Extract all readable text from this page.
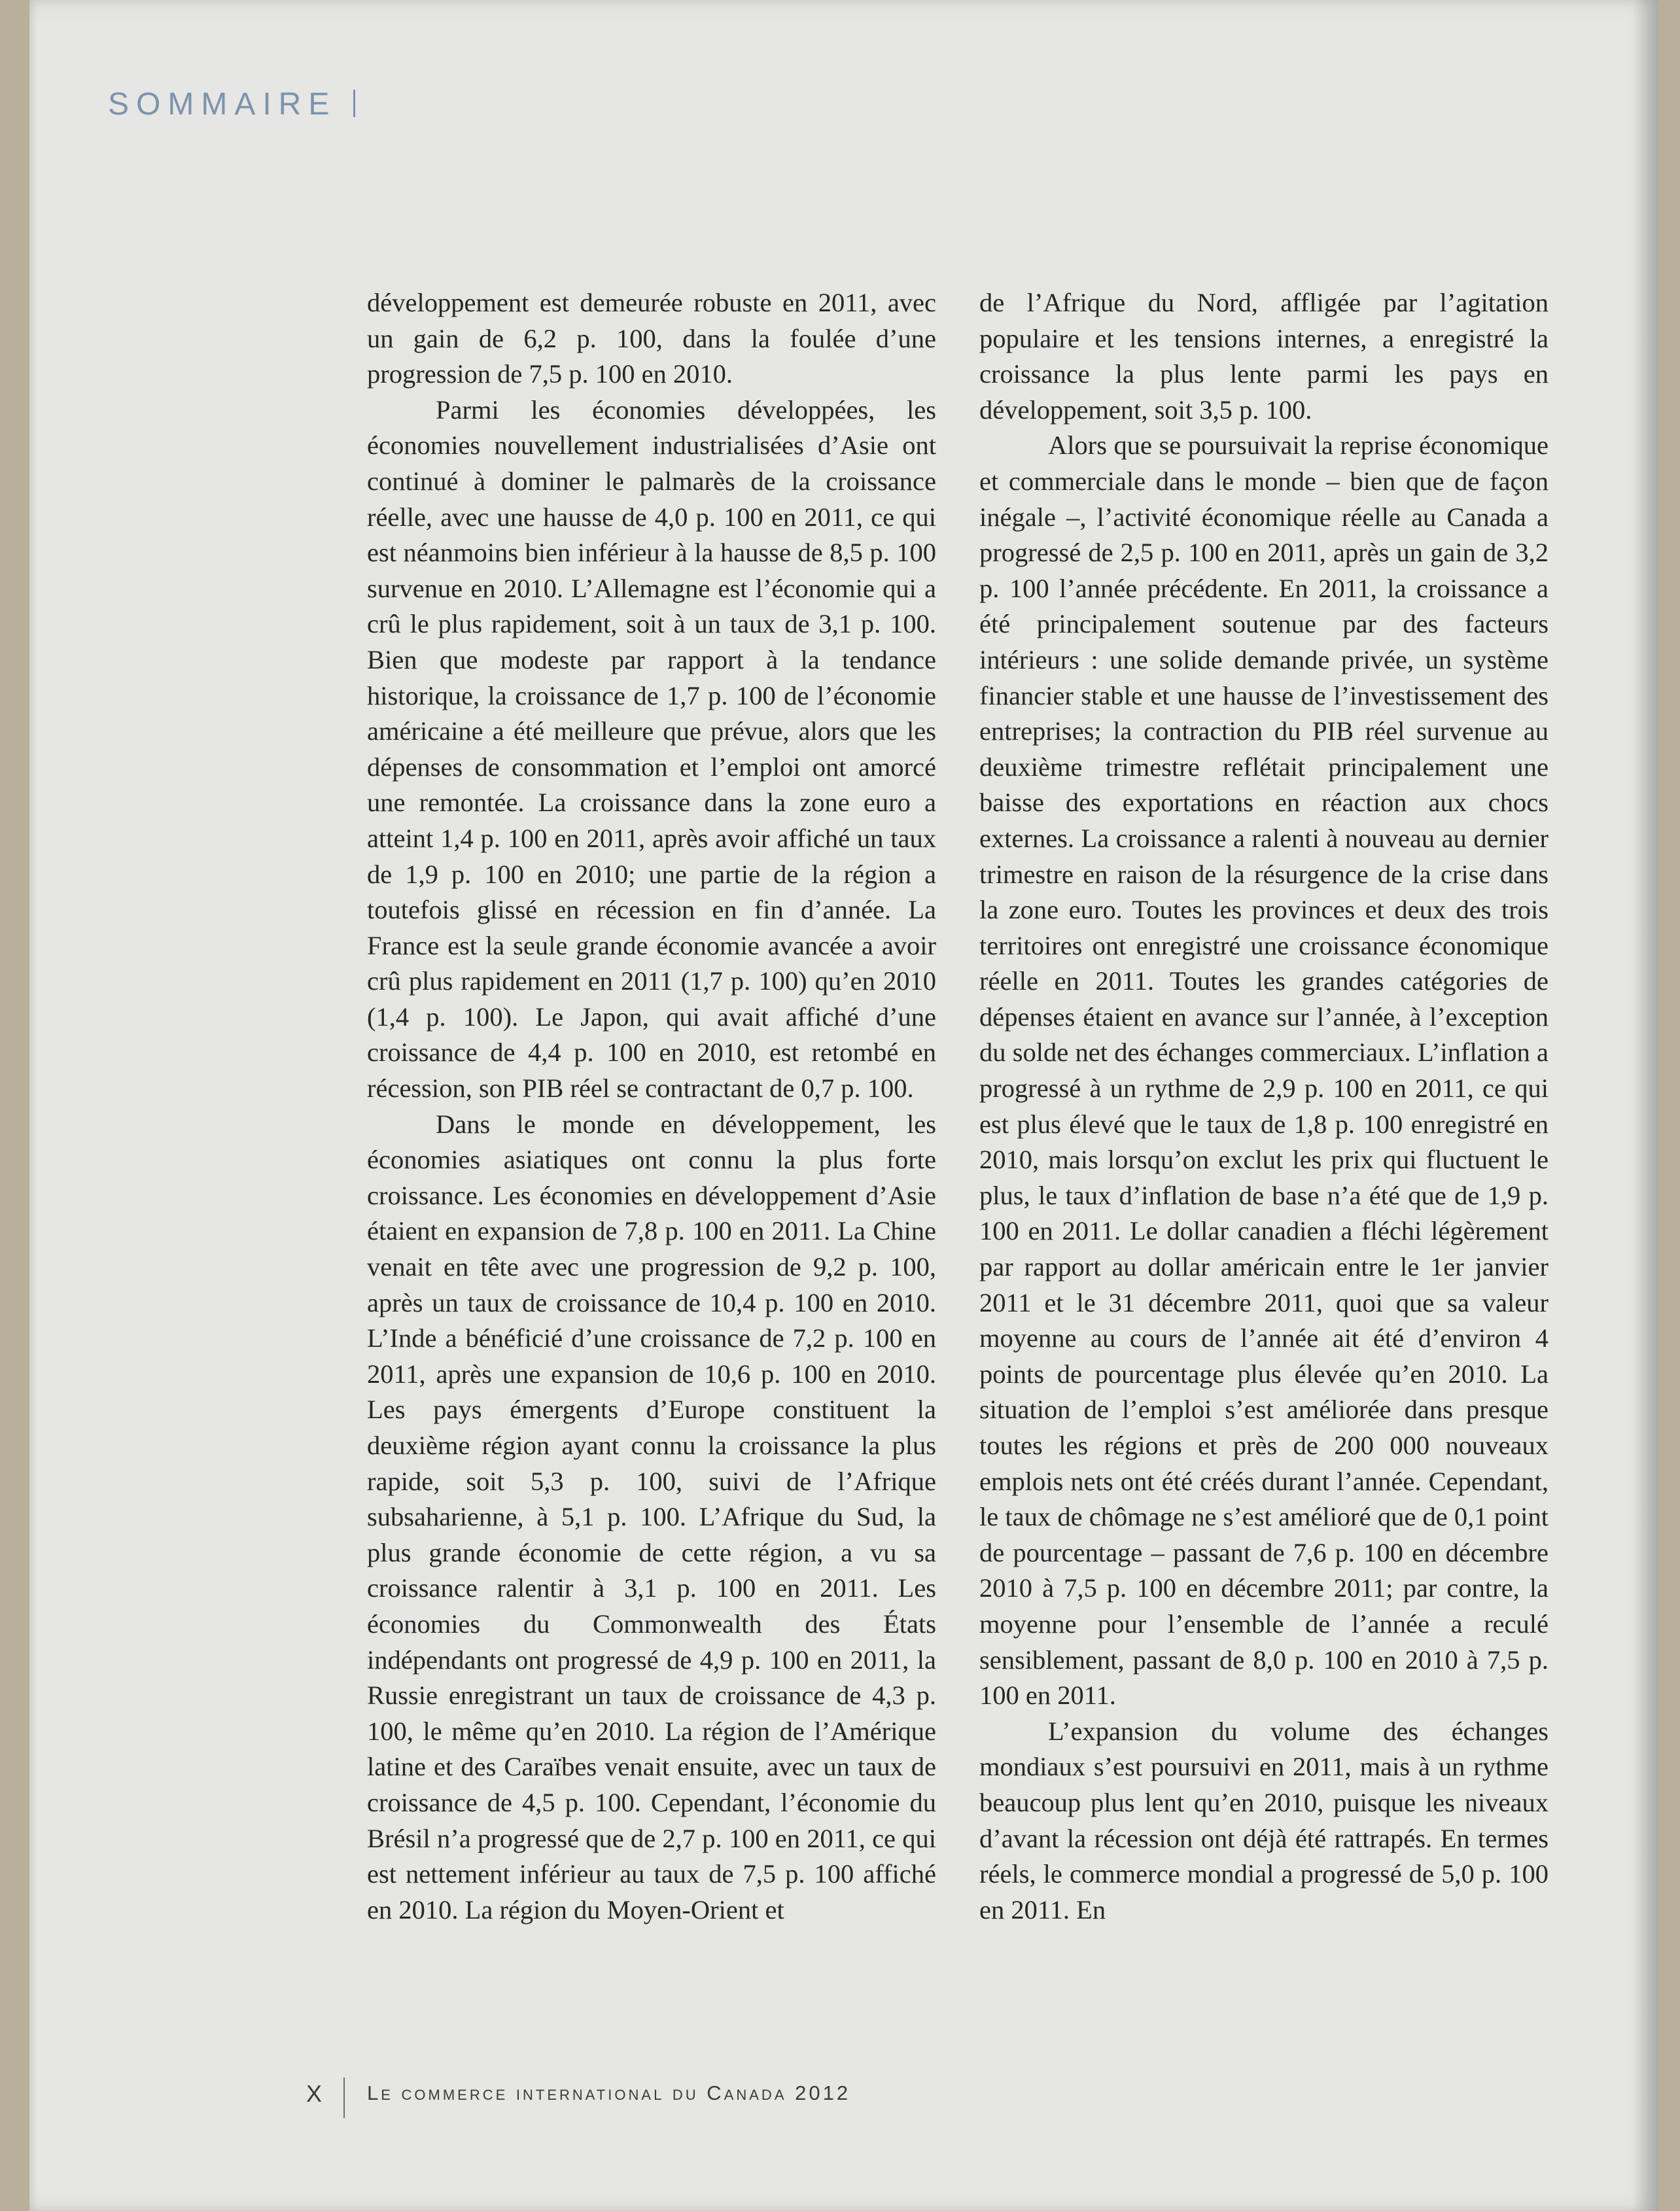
SOMMAIRE

développement est demeurée robuste en 2011, avec un gain de 6,2 p. 100, dans la foulée d’une progression de 7,5 p. 100 en 2010.

Parmi les économies développées, les économies nouvellement industrialisées d’Asie ont continué à dominer le palmarès de la croissance réelle, avec une hausse de 4,0 p. 100 en 2011, ce qui est néanmoins bien inférieur à la hausse de 8,5 p. 100 survenue en 2010. L’Allemagne est l’économie qui a crû le plus rapidement, soit à un taux de 3,1 p. 100. Bien que modeste par rapport à la tendance historique, la croissance de 1,7 p. 100 de l’économie américaine a été meilleure que prévue, alors que les dépenses de consommation et l’emploi ont amorcé une remontée. La croissance dans la zone euro a atteint 1,4 p. 100 en 2011, après avoir affiché un taux de 1,9 p. 100 en 2010; une partie de la région a toutefois glissé en récession en fin d’année. La France est la seule grande économie avancée a avoir crû plus rapidement en 2011 (1,7 p. 100) qu’en 2010 (1,4 p. 100). Le Japon, qui avait affiché d’une croissance de 4,4 p. 100 en 2010, est retombé en récession, son PIB réel se contractant de 0,7 p. 100.

Dans le monde en développement, les économies asiatiques ont connu la plus forte croissance. Les économies en développement d’Asie étaient en expansion de 7,8 p. 100 en 2011. La Chine venait en tête avec une progression de 9,2 p. 100, après un taux de croissance de 10,4 p. 100 en 2010. L’Inde a bénéficié d’une croissance de 7,2 p. 100 en 2011, après une expansion de 10,6 p. 100 en 2010. Les pays émergents d’Europe constituent la deuxième région ayant connu la croissance la plus rapide, soit 5,3 p. 100, suivi de l’Afrique subsaharienne, à 5,1 p. 100. L’Afrique du Sud, la plus grande économie de cette région, a vu sa croissance ralentir à 3,1 p. 100 en 2011. Les économies du Commonwealth des États indépendants ont progressé de 4,9 p. 100 en 2011, la Russie enregistrant un taux de croissance de 4,3 p. 100, le même qu’en 2010. La région de l’Amérique latine et des Caraïbes venait ensuite, avec un taux de croissance de 4,5 p. 100. Cependant, l’économie du Brésil n’a progressé que de 2,7 p. 100 en 2011, ce qui est nettement inférieur au taux de 7,5 p. 100 affiché en 2010. La région du Moyen-Orient et

de l’Afrique du Nord, affligée par l’agitation populaire et les tensions internes, a enregistré la croissance la plus lente parmi les pays en développement, soit 3,5 p. 100.

Alors que se poursuivait la reprise économique et commerciale dans le monde – bien que de façon inégale –, l’activité économique réelle au Canada a progressé de 2,5 p. 100 en 2011, après un gain de 3,2 p. 100 l’année précédente. En 2011, la croissance a été principalement soutenue par des facteurs intérieurs : une solide demande privée, un système financier stable et une hausse de l’investissement des entreprises; la contraction du PIB réel survenue au deuxième trimestre reflétait principalement une baisse des exportations en réaction aux chocs externes. La croissance a ralenti à nouveau au dernier trimestre en raison de la résurgence de la crise dans la zone euro. Toutes les provinces et deux des trois territoires ont enregistré une croissance économique réelle en 2011. Toutes les grandes catégories de dépenses étaient en avance sur l’année, à l’exception du solde net des échanges commerciaux. L’inflation a progressé à un rythme de 2,9 p. 100 en 2011, ce qui est plus élevé que le taux de 1,8 p. 100 enregistré en 2010, mais lorsqu’on exclut les prix qui fluctuent le plus, le taux d’inflation de base n’a été que de 1,9 p. 100 en 2011. Le dollar canadien a fléchi légèrement par rapport au dollar américain entre le 1er janvier 2011 et le 31 décembre 2011, quoi que sa valeur moyenne au cours de l’année ait été d’environ 4 points de pourcentage plus élevée qu’en 2010. La situation de l’emploi s’est améliorée dans presque toutes les régions et près de 200 000 nouveaux emplois nets ont été créés durant l’année. Cependant, le taux de chômage ne s’est amélioré que de 0,1 point de pourcentage – passant de 7,6 p. 100 en décembre 2010 à 7,5 p. 100 en décembre 2011; par contre, la moyenne pour l’ensemble de l’année a reculé sensiblement, passant de 8,0 p. 100 en 2010 à 7,5 p. 100 en 2011.

L’expansion du volume des échanges mondiaux s’est poursuivi en 2011, mais à un rythme beaucoup plus lent qu’en 2010, puisque les niveaux d’avant la récession ont déjà été rattrapés. En termes réels, le commerce mondial a progressé de 5,0 p. 100 en 2011. En

X Le commerce international du Canada 2012
